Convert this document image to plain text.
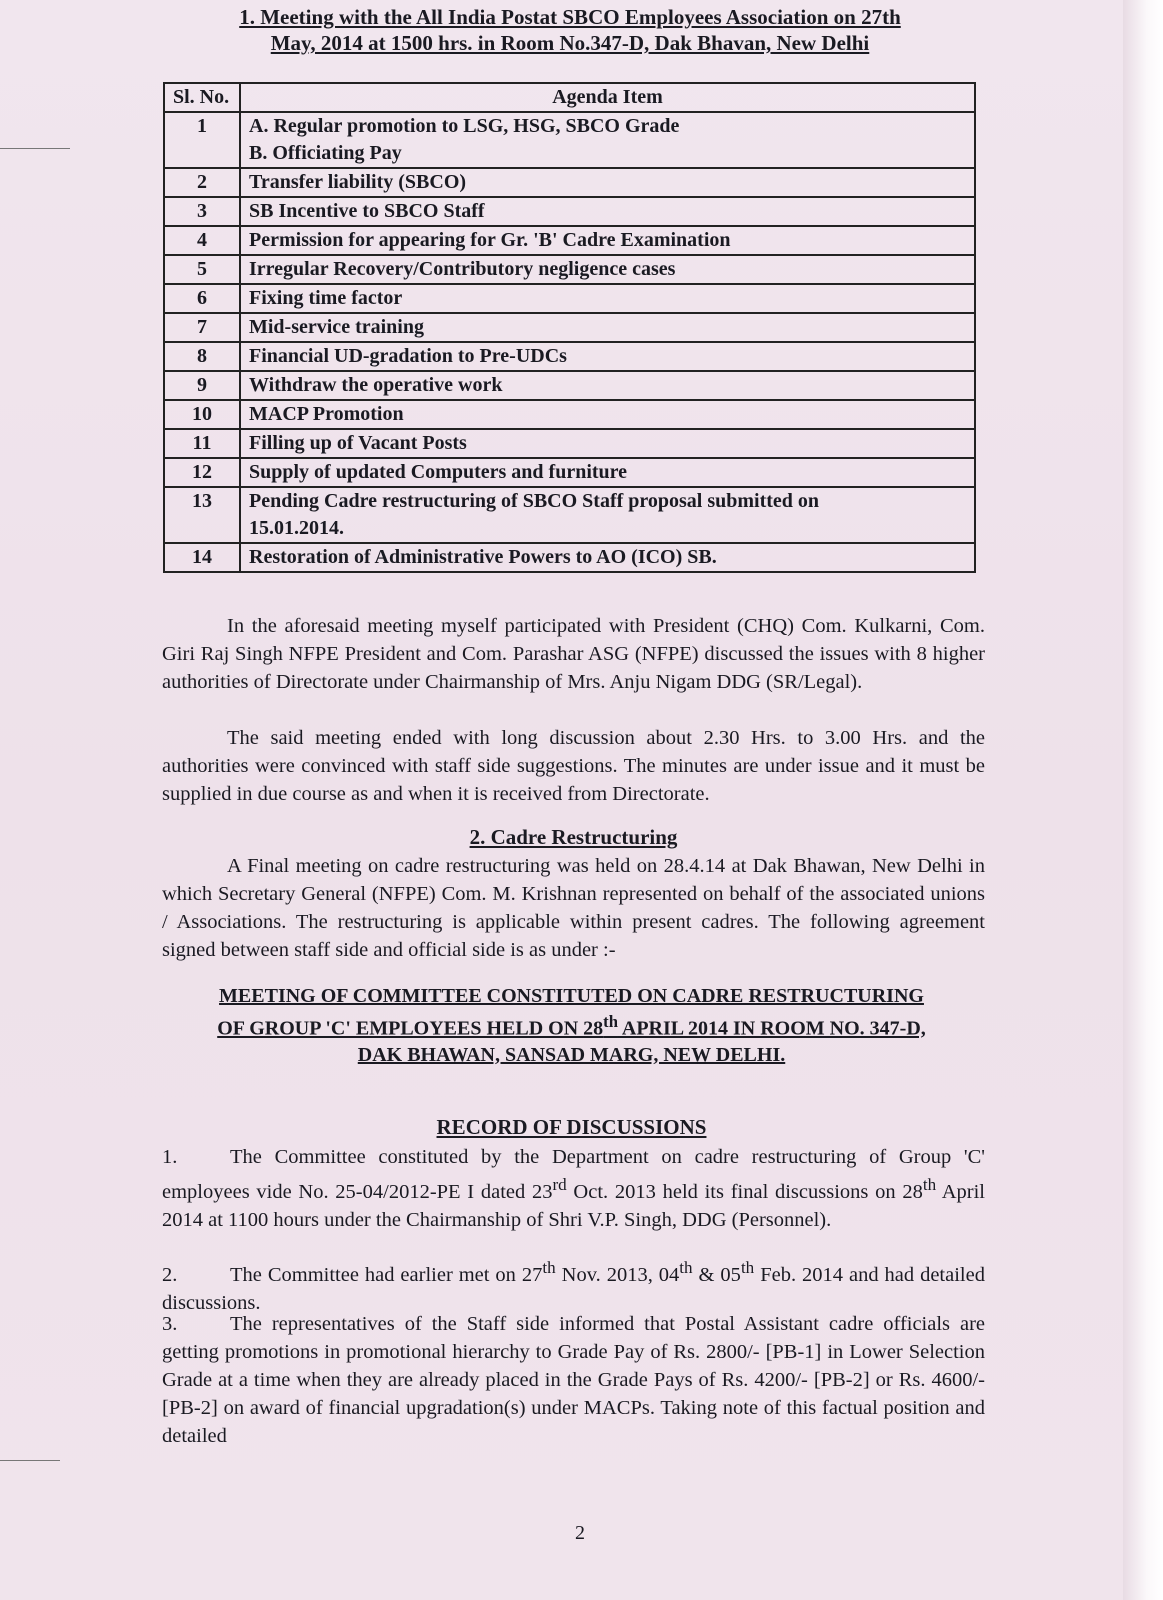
1. Meeting with the All India Postat SBCO Employees Association on 27th
May, 2014 at 1500 hrs. in Room No.347-D, Dak Bhavan, New Delhi
Sl. No.	Agenda Item
1	A. Regular promotion to LSG, HSG, SBCO Grade
B. Officiating Pay

2	Transfer liability (SBCO)

3	SB Incentive to SBCO Staff

4	Permission for appearing for Gr. 'B' Cadre Examination

5	Irregular Recovery/Contributory negligence cases

6	Fixing time factor

7	Mid-service training

8	Financial UD-gradation to Pre-UDCs

9	Withdraw the operative work

10	MACP Promotion

11	Filling up of Vacant Posts

12	Supply of updated Computers and furniture

13	Pending Cadre restructuring of SBCO Staff proposal submitted on
15.01.2014.

14	Restoration of Administrative Powers to AO (ICO) SB.

In the aforesaid meeting myself participated with President (CHQ) Com. Kulkarni, Com. Giri Raj Singh NFPE President and Com. Parashar ASG (NFPE) discussed the issues with 8 higher authorities of Directorate under Chairmanship of Mrs. Anju Nigam DDG (SR/Legal).

The said meeting ended with long discussion about 2.30 Hrs. to 3.00 Hrs. and the authorities were convinced with staff side suggestions. The minutes are under issue and it must be supplied in due course as and when it is received from Directorate.

2. Cadre Restructuring

A Final meeting on cadre restructuring was held on 28.4.14 at Dak Bhawan, New Delhi in which Secretary General (NFPE) Com. M. Krishnan represented on behalf of the associated unions / Associations. The restructuring is applicable within present cadres. The following agreement signed between staff side and official side is as under :-

MEETING OF COMMITTEE CONSTITUTED ON CADRE RESTRUCTURING
OF GROUP 'C' EMPLOYEES HELD ON 28th APRIL 2014 IN ROOM NO. 347-D,
DAK BHAWAN, SANSAD MARG, NEW DELHI.
RECORD OF DISCUSSIONS
1.	The Committee constituted by the Department on cadre restructuring of Group 'C' employees vide No. 25-04/2012-PE I dated 23rd Oct. 2013 held its final discussions on 28th April 2014 at 1100 hours under the Chairmanship of Shri V.P. Singh, DDG (Personnel).
2.	The Committee had earlier met on 27th Nov. 2013, 04th & 05th Feb. 2014 and had detailed discussions.
3.	The representatives of the Staff side informed that Postal Assistant cadre officials are getting promotions in promotional hierarchy to Grade Pay of Rs. 2800/- [PB-1] in Lower Selection Grade at a time when they are already placed in the Grade Pays of Rs. 4200/- [PB-2] or Rs. 4600/- [PB-2] on award of financial upgradation(s) under MACPs. Taking note of this factual position and detailed
2
